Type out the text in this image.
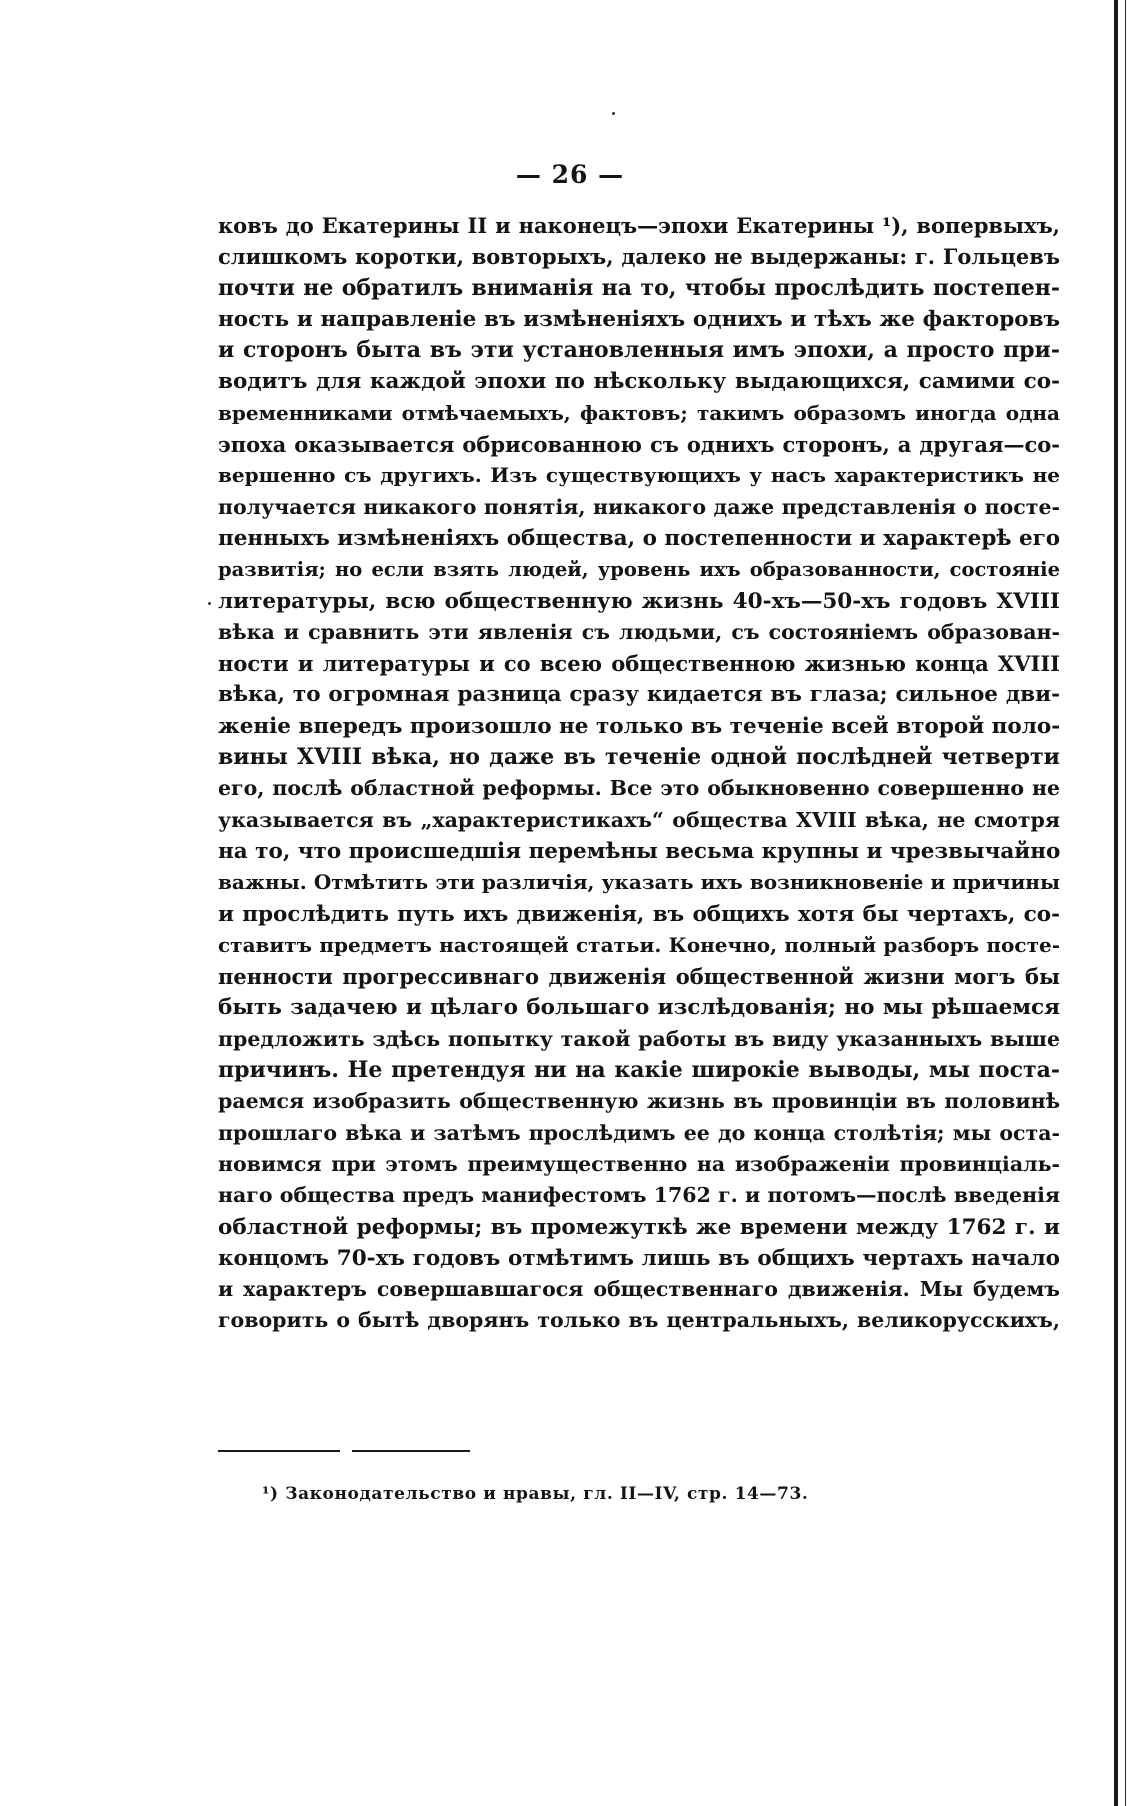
— 26 —
ковъ до Екатерины II и наконецъ—эпохи Екатерины ¹), вопервыхъ,
слишкомъ коротки, вовторыхъ, далеко не выдержаны: г. Гольцевъ
почти не обратилъ вниманія на то, чтобы прослѣдить постепен-
ность и направленіе въ измѣненіяхъ однихъ и тѣхъ же факторовъ
и сторонъ быта въ эти установленныя имъ эпохи, а просто при-
водитъ для каждой эпохи по нѣскольку выдающихся, самими со-
временниками отмѣчаемыхъ, фактовъ; такимъ образомъ иногда одна
эпоха оказывается обрисованною съ однихъ сторонъ, а другая—со-
вершенно съ другихъ. Изъ существующихъ у насъ характеристикъ не
получается никакого понятія, никакого даже представленія о посте-
пенныхъ измѣненіяхъ общества, о постепенности и характерѣ его
развитія; но если взять людей, уровень ихъ образованности, состояніе
литературы, всю общественную жизнь 40-хъ—50-хъ годовъ XVIII
вѣка и сравнить эти явленія съ людьми, съ состояніемъ образован-
ности и литературы и со всею общественною жизнью конца XVIII
вѣка, то огромная разница сразу кидается въ глаза; сильное дви-
женіе впередъ произошло не только въ теченіе всей второй поло-
вины XVIII вѣка, но даже въ теченіе одной послѣдней четверти
его, послѣ областной реформы. Все это обыкновенно совершенно не
указывается въ „характеристикахъ“ общества XVIII вѣка, не смотря
на то, что происшедшія перемѣны весьма крупны и чрезвычайно
важны. Отмѣтить эти различія, указать ихъ возникновеніе и причины
и прослѣдить путь ихъ движенія, въ общихъ хотя бы чертахъ, со-
ставитъ предметъ настоящей статьи. Конечно, полный разборъ посте-
пенности прогрессивнаго движенія общественной жизни могъ бы
быть задачею и цѣлаго большаго изслѣдованія; но мы рѣшаемся
предложить здѣсь попытку такой работы въ виду указанныхъ выше
причинъ. Не претендуя ни на какіе широкіе выводы, мы поста-
раемся изобразить общественную жизнь въ провинціи въ половинѣ
прошлаго вѣка и затѣмъ прослѣдимъ ее до конца столѣтія; мы оста-
новимся при этомъ преимущественно на изображеніи провинціаль-
наго общества предъ манифестомъ 1762 г. и потомъ—послѣ введенія
областной реформы; въ промежуткѣ же времени между 1762 г. и
концомъ 70-хъ годовъ отмѣтимъ лишь въ общихъ чертахъ начало
и характеръ совершавшагося общественнаго движенія. Мы будемъ
говорить о бытѣ дворянъ только въ центральныхъ, великорусскихъ,
¹) Законодательство и нравы, гл. II—IV, стр. 14—73.
